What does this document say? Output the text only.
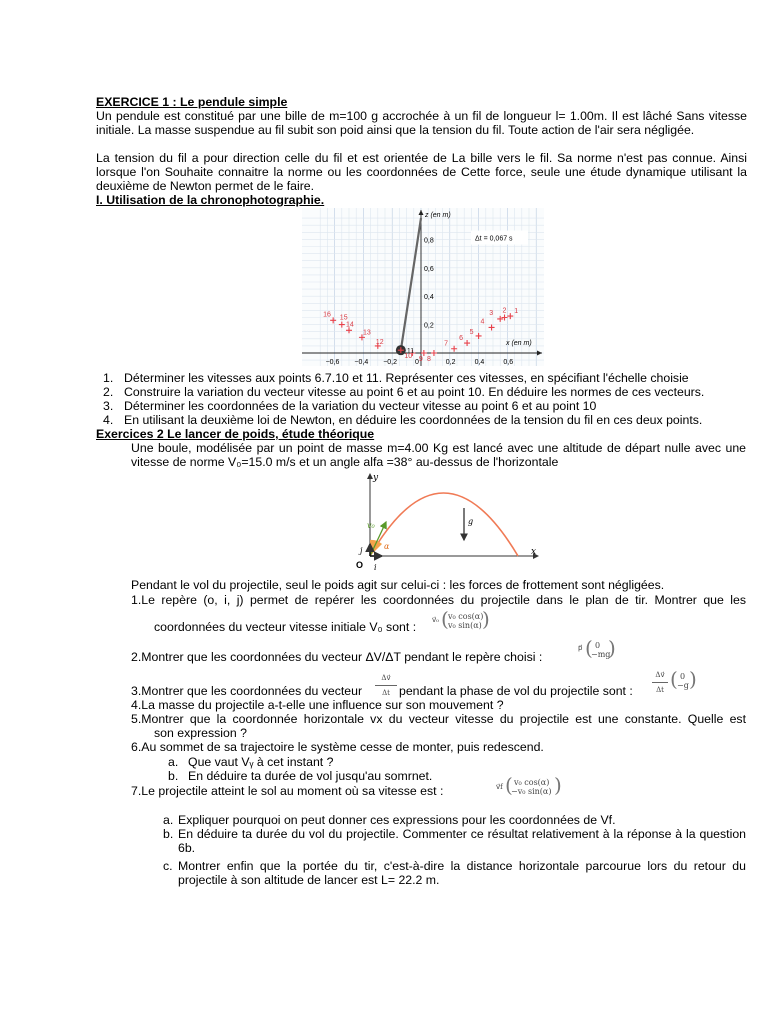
EXERCICE 1 : Le pendule simple
Un pendule est constitué par une bille de m=100 g accrochée à un fil de longueur l= 1.00m. Il est lâché Sans vitesse initiale. La masse suspendue au fil subit son poid ainsi que la tension du fil. Toute action de l'air sera négligée.
La tension du fil a pour direction celle du fil et est orientée de La bille vers le fil. Sa norme n'est pas connue. Ainsi lorsque l'on Souhaite connaitre la norme ou les coordonnées de Cette force, seule une étude dynamique utilisant la deuxième de Newton permet de le faire.
I. Utilisation de la chronophotographie.
z (en m)
x (en m)
0,8
0,6
0,4
0,2
−0,6 −0,4 −0,2	0	0,2	0,4	0,6
Δt = 0,067 s
1
2
3
4
5
6
7
8
9
10
11
12
13
14
15
16
1. Déterminer les vitesses aux points 6.7.10 et 11. Représenter ces vitesses, en spécifiant l'échelle choisie
2. Construire la variation du vecteur vitesse au point 6 et au point 10. En déduire les normes de ces vecteurs.
3. Déterminer les coordonnées de la variation du vecteur vitesse au point 6 et au point 10
4. En utilisant la deuxième loi de Newton, en déduire les coordonnées de la tension du fil en ces deux points.
Exercices 2 Le lancer de poids, étude théorique
Une boule, modélisée par un point de masse m=4.00 Kg est lancé avec une altitude de départ nulle avec une vitesse de norme V₀=15.0 m/s et un angle alfa =38° au-dessus de l'horizontale
y
x
O i
j
v₀	g
α
Pendant le vol du projectile, seul le poids agit sur celui-ci : les forces de frottement sont négligées.
1.Le repère (o, i, j) permet de repérer les coordonnées du projectile dans le plan de tir. Montrer que les
coordonnées du vecteur vitesse initiale V₀ sont : v⃗₀ ( v₀ cos(α)
v₀ sin(α) )
2.Montrer que les coordonnées du vecteur ΔV/ΔT pendant le repère choisi :
p⃗ ( 0
−mg
)
3.Montrer que les coordonnées du vecteur
Δv⃗
Δt pendant la phase de vol du projectile sont :
Δv⃗
Δt ( 0
−g )
4.La masse du projectile a-t-elle une influence sur son mouvement ?
5.Montrer que la coordonnée horizontale vx du vecteur vitesse du projectile est une constante. Quelle est
son expression ?
6.Au sommet de sa trajectoire le système cesse de monter, puis redescend.
a. Que vaut Vᵧ à cet instant ?
b. En déduire ta durée de vol jusqu'au somrnet.
7.Le projectile atteint le sol au moment où sa vitesse est :	v⃗f ( v₀ cos(α)
−v₀ sin(α) )
a. Expliquer pourquoi on peut donner ces expressions pour les coordonnées de Vf.
b. En déduire ta durée du vol du projectile. Commenter ce résultat relativement à la réponse à la question 6b.
c. Montrer enfin que la portée du tir, c'est-à-dire la distance horizontale parcourue lors du retour du projectile à son altitude de lancer est L= 22.2 m.
